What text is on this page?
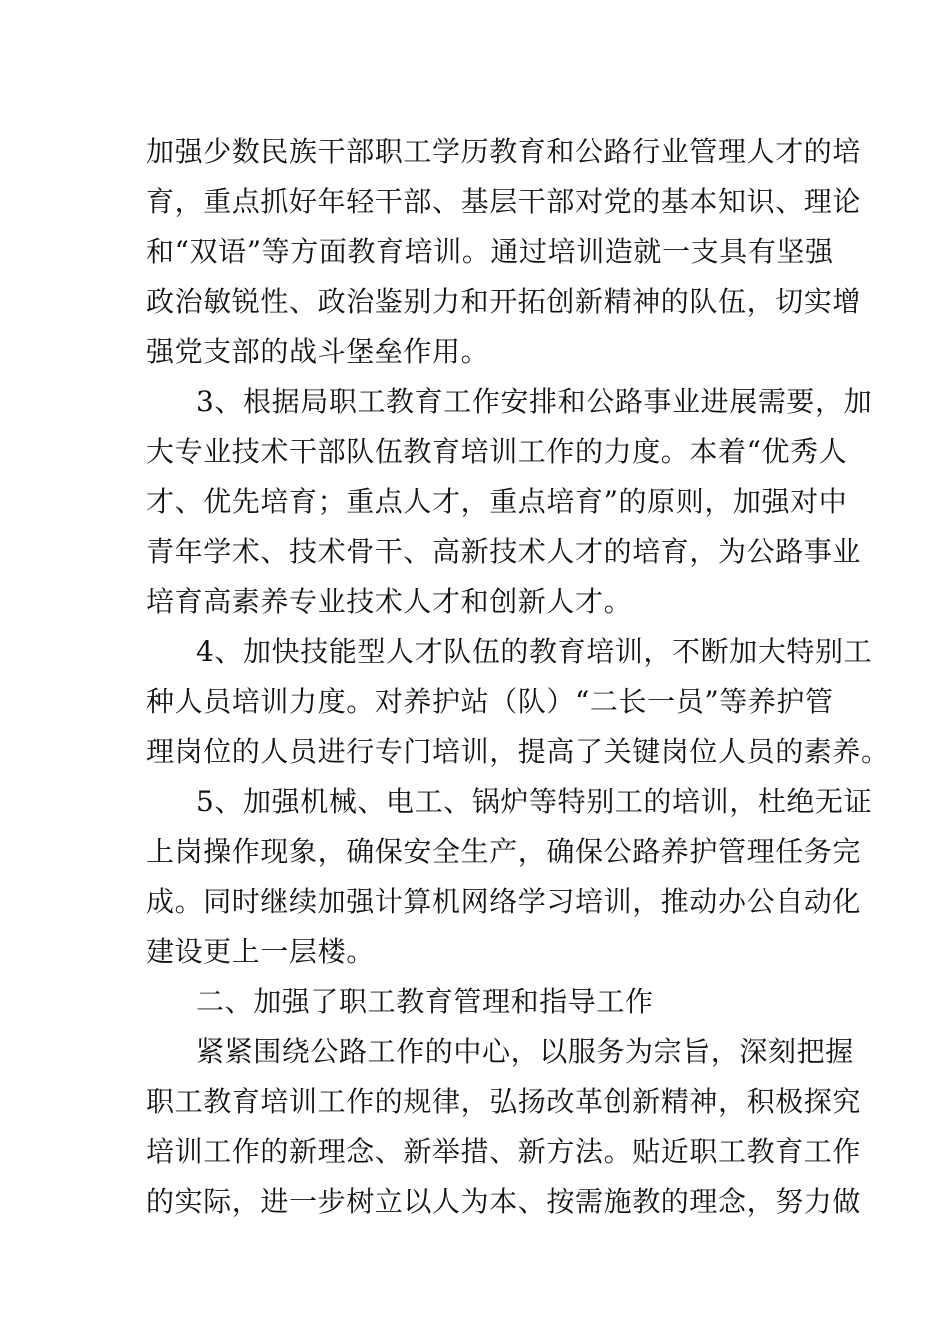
加强少数民族干部职工学历教育和公路行业管理人才的培
育，重点抓好年轻干部、基层干部对党的基本知识、理论
和“双语”等方面教育培训。通过培训造就一支具有坚强
政治敏锐性、政治鉴别力和开拓创新精神的队伍，切实增
强党支部的战斗堡垒作用。
3、根据局职工教育工作安排和公路事业进展需要，加
大专业技术干部队伍教育培训工作的力度。本着“优秀人
才、优先培育；重点人才，重点培育”的原则，加强对中
青年学术、技术骨干、高新技术人才的培育，为公路事业
培育高素养专业技术人才和创新人才。
4、加快技能型人才队伍的教育培训，不断加大特别工
种人员培训力度。对养护站（队）“二长一员”等养护管
理岗位的人员进行专门培训，提高了关键岗位人员的素养。
5、加强机械、电工、锅炉等特别工的培训，杜绝无证
上岗操作现象，确保安全生产，确保公路养护管理任务完
成。同时继续加强计算机网络学习培训，推动办公自动化
建设更上一层楼。
二、加强了职工教育管理和指导工作
紧紧围绕公路工作的中心，以服务为宗旨，深刻把握
职工教育培训工作的规律，弘扬改革创新精神，积极探究
培训工作的新理念、新举措、新方法。贴近职工教育工作
的实际，进一步树立以人为本、按需施教的理念，努力做
